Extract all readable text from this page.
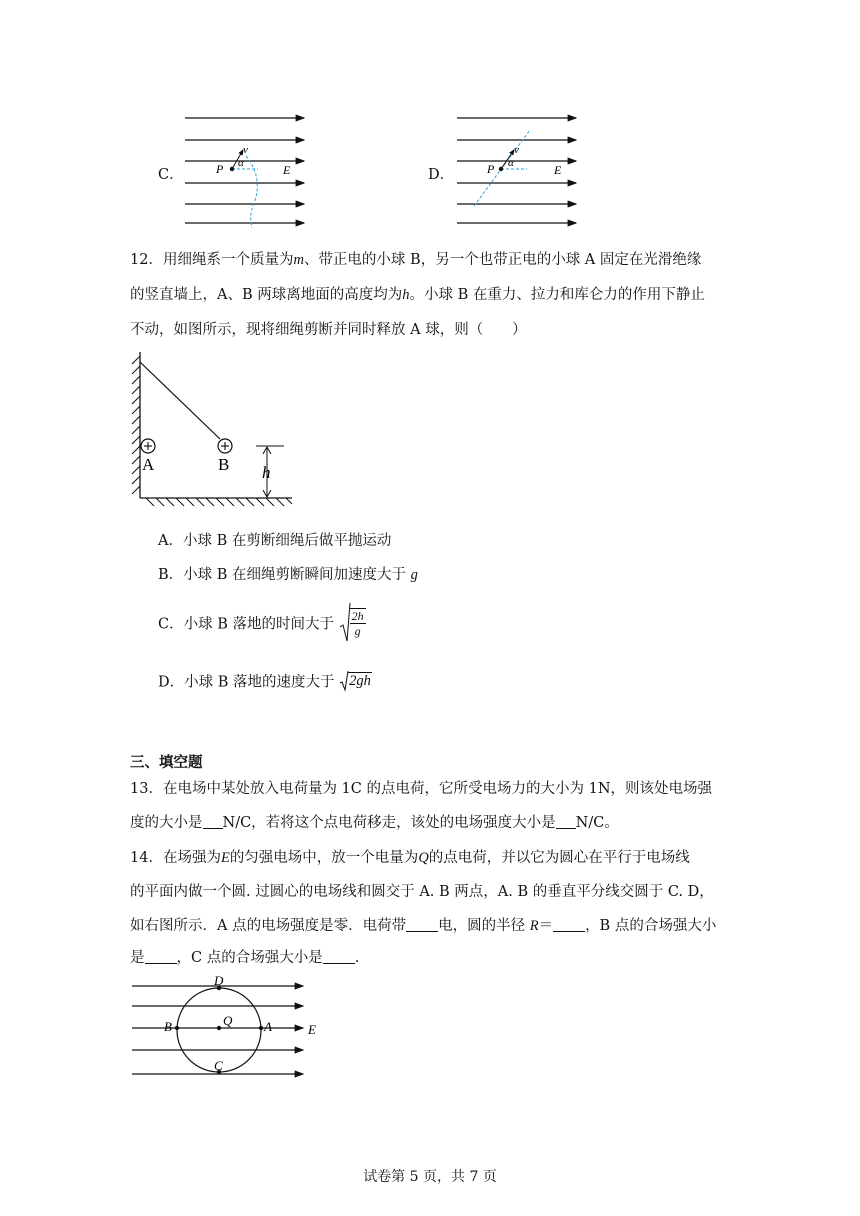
C．	P
v
α	E	D．	P
v
α	E
12．用细绳系一个质量为m、带正电的小球 B，另一个也带正电的小球 A 固定在光滑绝缘
的竖直墙上，A、B 两球离地面的高度均为h。小球 B 在重力、拉力和库仑力的作用下静止
不动，如图所示，现将细绳剪断并同时释放 A 球，则（　　）
A	B h
A．小球 B 在剪断细绳后做平抛运动
B．小球 B 在细绳剪断瞬间加速度大于 g
C．小球 B 落地的时间大于 $\frac{2h}{g}$
D．小球 B 落地的速度大于 2gh
三、填空题
13．在电场中某处放入电荷量为 1C 的点电荷，它所受电场力的大小为 1N，则该处电场强
度的大小是 N/C，若将这个点电荷移走，该处的电场强度大小是 N/C。
14．在场强为E的匀强电场中，放一个电量为Q的点电荷，并以它为圆心在平行于电场线
的平面内做一个圆. 过圆心的电场线和圆交于 A. B 两点，A. B 的垂直平分线交圆于 C. D，
如右图所示．A 点的电场强度是零．电荷带 电，圆的半径 R＝ ，B 点的合场强大小
是 ，C 点的合场强大小是 .
D
B	Q A	E
C
试卷第 5 页，共 7 页
